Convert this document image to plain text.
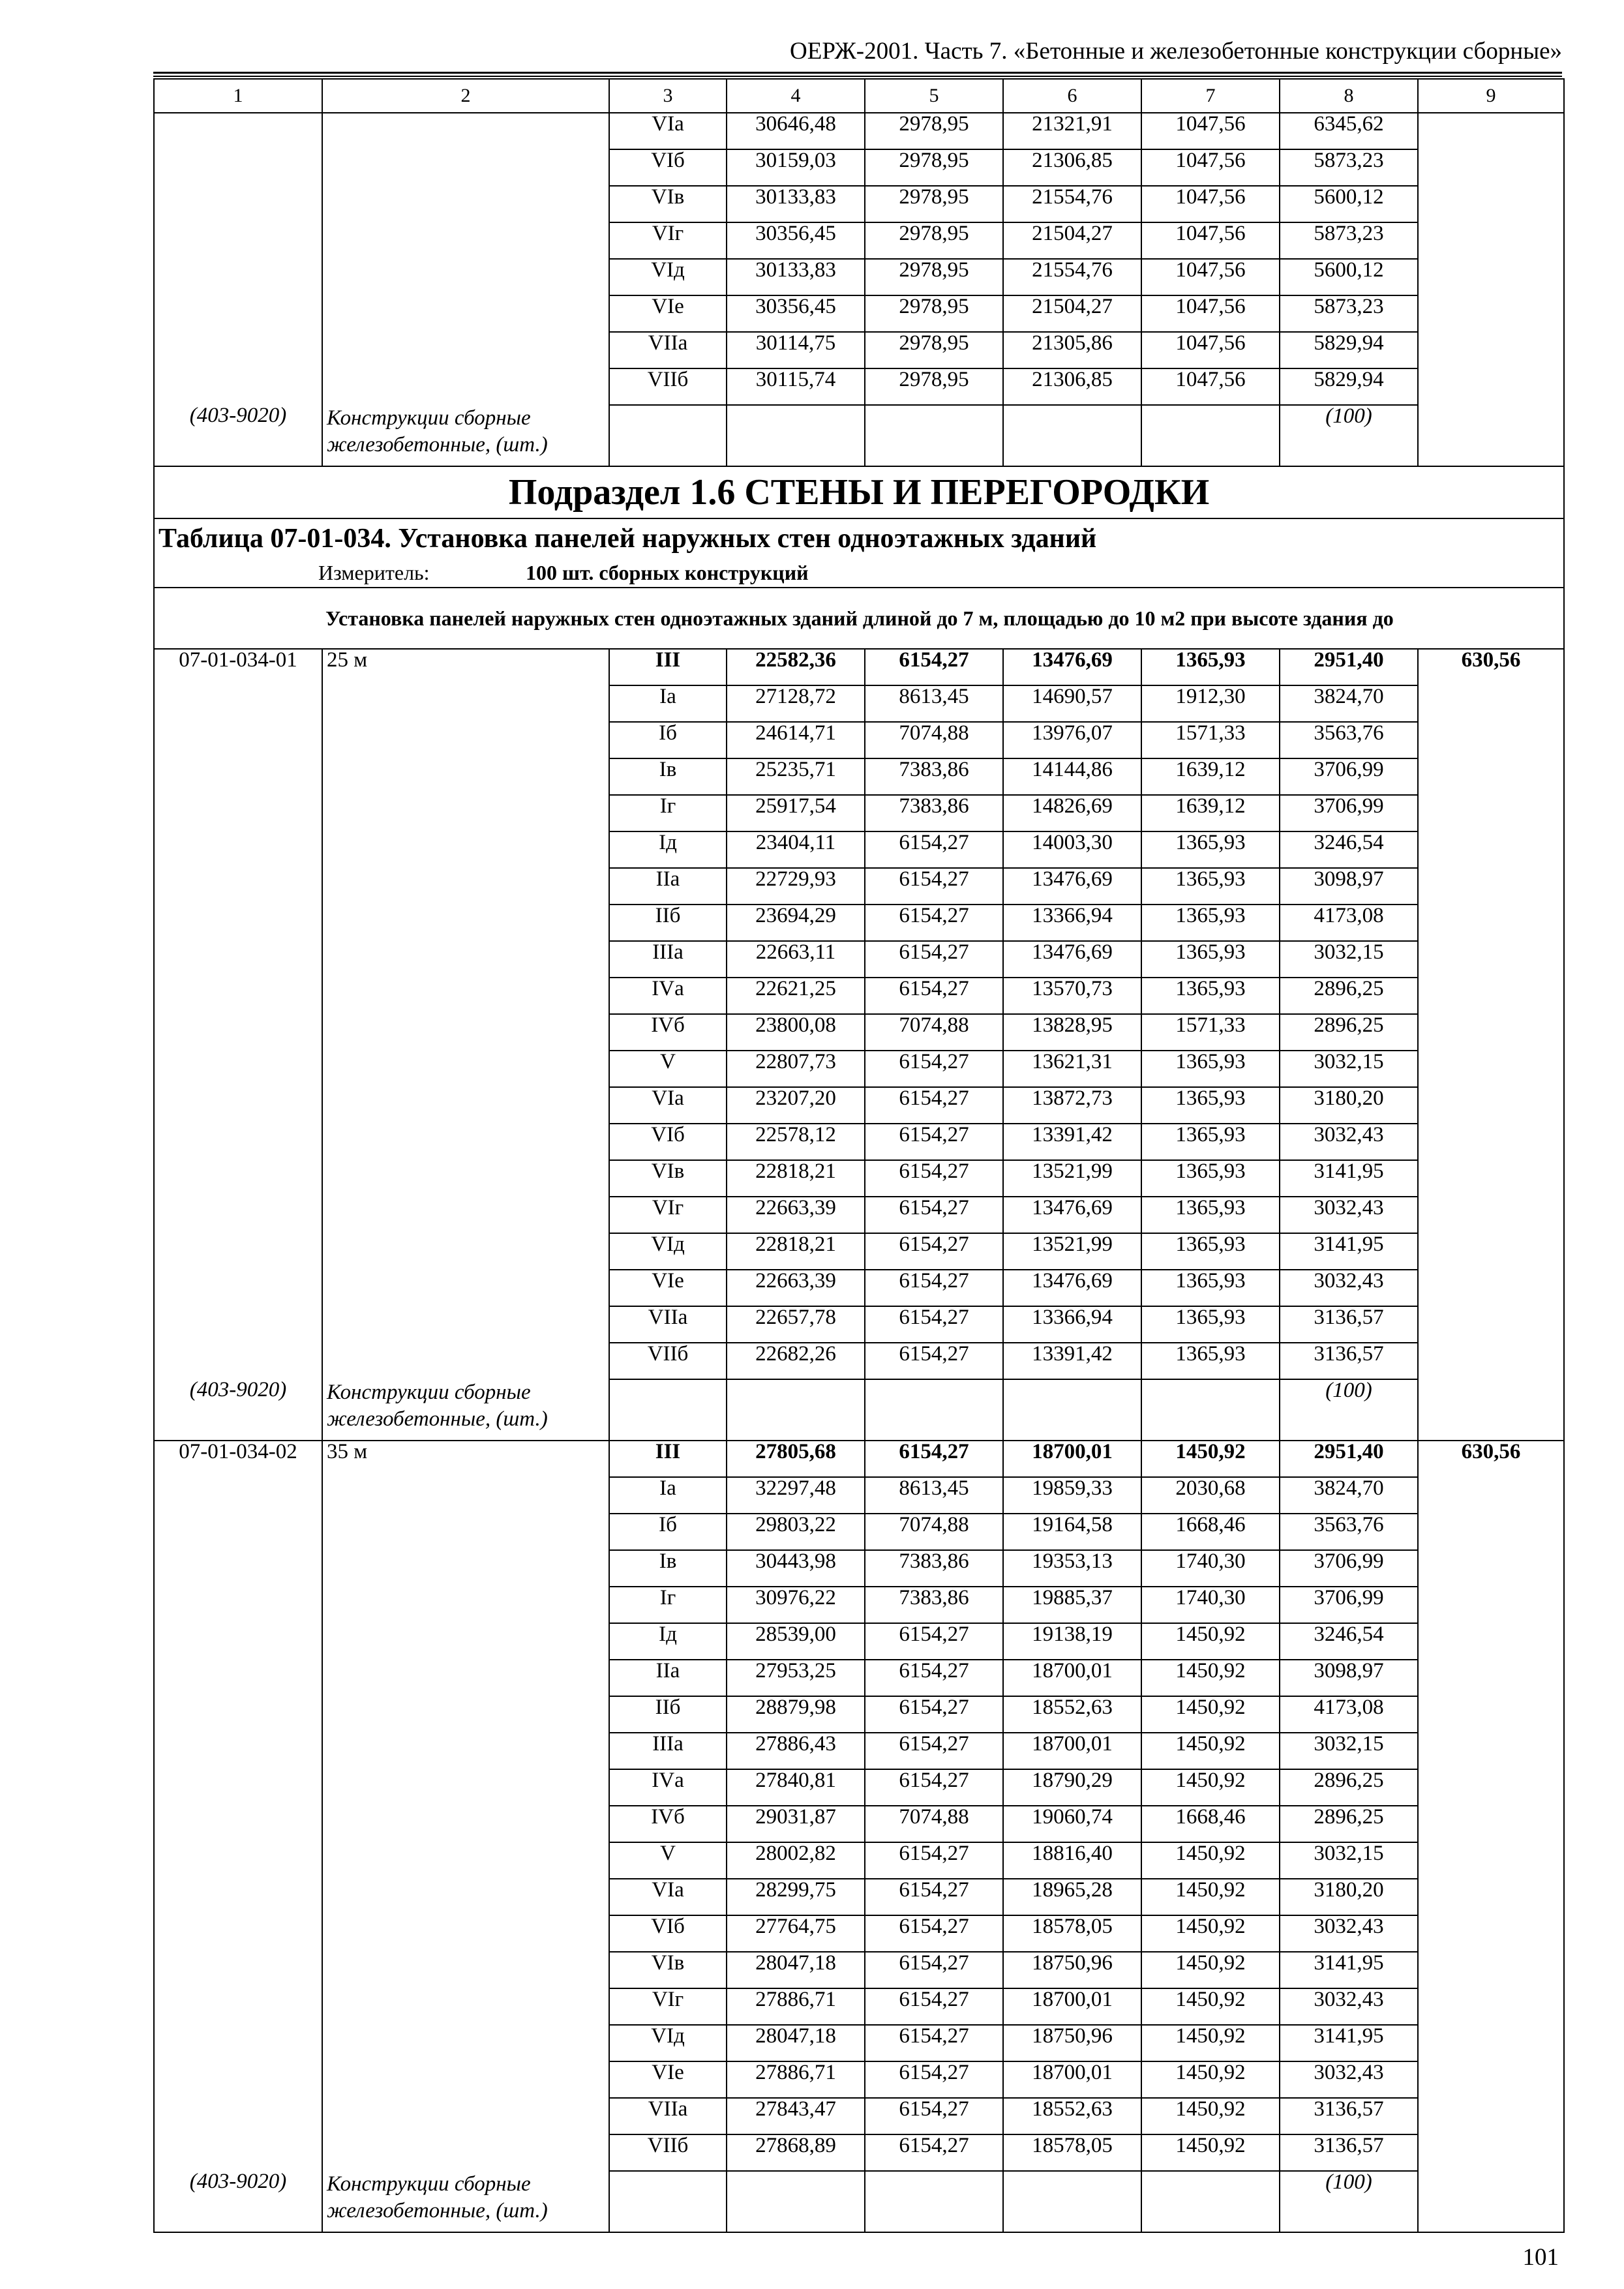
ОЕРЖ-2001. Часть 7. «Бетонные и железобетонные конструкции сборные»
1	2	3	4	5	6	7	8	9
		VIа	30646,48	2978,95	21321,91	1047,56	6345,62	
		VIб	30159,03	2978,95	21306,85	1047,56	5873,23	
		VIв	30133,83	2978,95	21554,76	1047,56	5600,12	
		VIг	30356,45	2978,95	21504,27	1047,56	5873,23	
		VIд	30133,83	2978,95	21554,76	1047,56	5600,12	
		VIе	30356,45	2978,95	21504,27	1047,56	5873,23	
		VIIа	30114,75	2978,95	21305,86	1047,56	5829,94	
		VIIб	30115,74	2978,95	21306,85	1047,56	5829,94	
(403-9020)	Конструкции сборные железобетонные, (шт.)						(100)	
Подраздел 1.6 СТЕНЫ И ПЕРЕГОРОДКИ								
Таблица 07-01-034. Установка панелей наружных стен одноэтажных зданий								
Измеритель: 100 шт. сборных конструкций								
Установка панелей наружных стен одноэтажных зданий длиной до 7 м, площадью до 10 м2 при высоте здания до								
07-01-034-01	25 м	III	22582,36	6154,27	13476,69	1365,93	2951,40	630,56
		Iа	27128,72	8613,45	14690,57	1912,30	3824,70	
		Iб	24614,71	7074,88	13976,07	1571,33	3563,76	
		Iв	25235,71	7383,86	14144,86	1639,12	3706,99	
		Iг	25917,54	7383,86	14826,69	1639,12	3706,99	
		Iд	23404,11	6154,27	14003,30	1365,93	3246,54	
		IIа	22729,93	6154,27	13476,69	1365,93	3098,97	
		IIб	23694,29	6154,27	13366,94	1365,93	4173,08	
		IIIа	22663,11	6154,27	13476,69	1365,93	3032,15	
		IVа	22621,25	6154,27	13570,73	1365,93	2896,25	
		IVб	23800,08	7074,88	13828,95	1571,33	2896,25	
		V	22807,73	6154,27	13621,31	1365,93	3032,15	
		VIа	23207,20	6154,27	13872,73	1365,93	3180,20	
		VIб	22578,12	6154,27	13391,42	1365,93	3032,43	
		VIв	22818,21	6154,27	13521,99	1365,93	3141,95	
		VIг	22663,39	6154,27	13476,69	1365,93	3032,43	
		VIд	22818,21	6154,27	13521,99	1365,93	3141,95	
		VIе	22663,39	6154,27	13476,69	1365,93	3032,43	
		VIIа	22657,78	6154,27	13366,94	1365,93	3136,57	
		VIIб	22682,26	6154,27	13391,42	1365,93	3136,57	
(403-9020)	Конструкции сборные железобетонные, (шт.)						(100)	
07-01-034-02	35 м	III	27805,68	6154,27	18700,01	1450,92	2951,40	630,56
		Iа	32297,48	8613,45	19859,33	2030,68	3824,70	
		Iб	29803,22	7074,88	19164,58	1668,46	3563,76	
		Iв	30443,98	7383,86	19353,13	1740,30	3706,99	
		Iг	30976,22	7383,86	19885,37	1740,30	3706,99	
		Iд	28539,00	6154,27	19138,19	1450,92	3246,54	
		IIа	27953,25	6154,27	18700,01	1450,92	3098,97	
		IIб	28879,98	6154,27	18552,63	1450,92	4173,08	
		IIIа	27886,43	6154,27	18700,01	1450,92	3032,15	
		IVа	27840,81	6154,27	18790,29	1450,92	2896,25	
		IVб	29031,87	7074,88	19060,74	1668,46	2896,25	
		V	28002,82	6154,27	18816,40	1450,92	3032,15	
		VIа	28299,75	6154,27	18965,28	1450,92	3180,20	
		VIб	27764,75	6154,27	18578,05	1450,92	3032,43	
		VIв	28047,18	6154,27	18750,96	1450,92	3141,95	
		VIг	27886,71	6154,27	18700,01	1450,92	3032,43	
		VIд	28047,18	6154,27	18750,96	1450,92	3141,95	
		VIе	27886,71	6154,27	18700,01	1450,92	3032,43	
		VIIа	27843,47	6154,27	18552,63	1450,92	3136,57	
		VIIб	27868,89	6154,27	18578,05	1450,92	3136,57	
(403-9020)	Конструкции сборные железобетонные, (шт.)						(100)	
101
